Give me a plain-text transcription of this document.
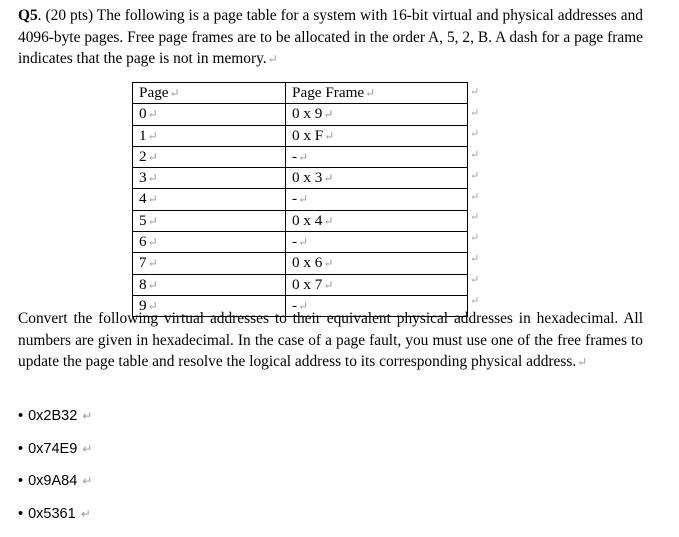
Q5. (20 pts) The following is a page table for a system with 16-bit virtual and physical addresses and 4096-byte pages. Free page frames are to be allocated in the order A, 5, 2, B. A dash for a page frame indicates that the page is not in memory.↵
Page↵	Page Frame↵
0↵	0 x 9↵
1↵	0 x F↵
2↵	-↵
3↵	0 x 3↵
4↵	-↵
5↵	0 x 4↵
6↵	-↵
7↵	0 x 6↵
8↵	0 x 7↵
9↵	-↵
↵
↵
↵
↵
↵
↵
↵
↵
↵
↵
↵
Convert the following virtual addresses to their equivalent physical addresses in hexadecimal. All numbers are given in hexadecimal. In the case of a page fault, you must use one of the free frames to update the page table and resolve the logical address to its corresponding physical address.↵
• 0x2B32 ↵
• 0x74E9 ↵
• 0x9A84 ↵
• 0x5361 ↵
